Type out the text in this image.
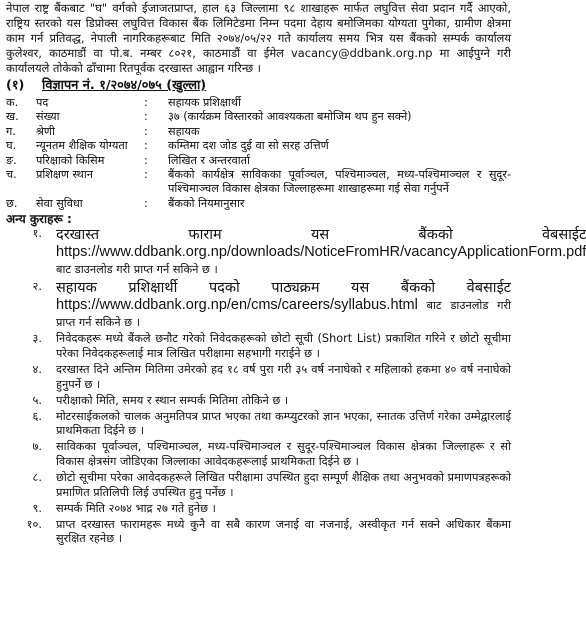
नेपाल राष्ट्र बैंकबाट "घ" वर्गको ईजाजतप्राप्त, हाल ६३ जिल्लामा ९८ शाखाहरू मार्फत लघुवित्त सेवा प्रदान गर्दै आएको, राष्ट्रिय स्तरको यस डिप्रोक्स लघुवित्त विकास बैंक लिमिटेडमा निम्न पदमा देहाय बमोजिमका योग्यता पुगेका, ग्रामीण क्षेत्रमा काम गर्न प्रतिवद्ध, नेपाली नागरिकहरूबाट मिति २०७४/०५/२२ गते कार्यालय समय भित्र यस बैंकको सम्पर्क कार्यालय कुलेश्वर, काठमाडौं वा पो.ब. नम्बर ८०२१, काठमाडौं वा ईमेल vacancy@ddbank.org.np मा आईपुग्ने गरी कार्यालयले तोकेको ढाँचामा रितपूर्वक दरखास्त आह्वान गरिन्छ ।

(१)	विज्ञापन नं. १/२०७४/०७५ (खुल्ला)
क.	पद	:	सहायक प्रशिक्षार्थी
ख.	संख्या	:	३७ (कार्यक्रम विस्तारको आवश्यकता बमोजिम थप हुन सक्ने)
ग.	श्रेणी	:	सहायक
घ.	न्यूनतम शैक्षिक योग्यता	:	कम्तिमा दश जोड दुई वा सो सरह उत्तिर्ण
ङ.	परिक्षाको किसिम	:	लिखित र अन्तरवार्ता
च.	प्रशिक्षण स्थान	:	बैंकको कार्यक्षेत्र साविकका पूर्वाञ्चल, पश्चिमाञ्चल, मध्य-पश्चिमाञ्चल र सुदूर-पश्चिमाञ्चल विकास क्षेत्रका जिल्लाहरूमा शाखाहरूमा गई सेवा गर्नुपर्ने
छ.	सेवा सुविधा	:	बैंकको नियमानुसार
अन्य कुराहरू :
१. दरखास्त फाराम यस बैंकको वेबसाईट https://www.ddbank.org.np/downloads/NoticeFromHR/vacancyApplicationForm.pdf बाट डाउनलोड गरी प्राप्त गर्न सकिने छ ।
२. सहायक प्रशिक्षार्थी पदको पाठ्यक्रम यस बैंकको वेबसाईट https://www.ddbank.org.np/en/cms/careers/syllabus.html बाट डाउनलोड गरी प्राप्त गर्न सकिने छ ।
३.	निवेदकहरू मध्ये बैंकले छनौट गरेको निवेदकहरूको छोटो सूची (Short List) प्रकाशित गरिने र छोटो सूचीमा परेका निवेदकहरूलाई मात्र लिखित परीक्षामा सहभागी गराईने छ ।
४.	दरखास्त दिने अन्तिम मितिमा उमेरको हद १८ वर्ष पुरा गरी ३५ वर्ष ननाघेको र महिलाको हकमा ४० वर्ष ननाघेको हुनुपर्ने छ ।
५.	परीक्षाको मिति, समय र स्थान सम्पर्क मितिमा तोकिने छ ।
६.	मोटरसाईकलको चालक अनुमतिपत्र प्राप्त भएका तथा कम्प्युटरको ज्ञान भएका, स्नातक उत्तिर्ण गरेका उम्मेद्वारलाई प्राथमिकता दिईने छ ।
७.	साविकका पूर्वाञ्चल, पश्चिमाञ्चल, मध्य-पश्चिमाञ्चल र सुदूर-पश्चिमाञ्चल विकास क्षेत्रका जिल्लाहरू र सो विकास क्षेत्रसंग जोडिएका जिल्लाका आवेदकहरूलाई प्राथमिकता दिईने छ ।
८.	छोटो सूचीमा परेका आवेदकहरूले लिखित परीक्षामा उपस्थित हुदा सम्पूर्ण शैक्षिक तथा अनुभवको प्रमाणपत्रहरूको प्रमाणित प्रतिलिपी लिई उपस्थित हुनु पर्नेछ ।
९.	सम्पर्क मिति २०७४ भाद्र २७ गते हुनेछ ।
१०.	प्राप्त दरखास्त फारामहरू मध्ये कुनै वा सबै कारण जनाई वा नजनाई, अस्वीकृत गर्न सक्ने अधिकार बैंकमा सुरक्षित रहनेछ ।
